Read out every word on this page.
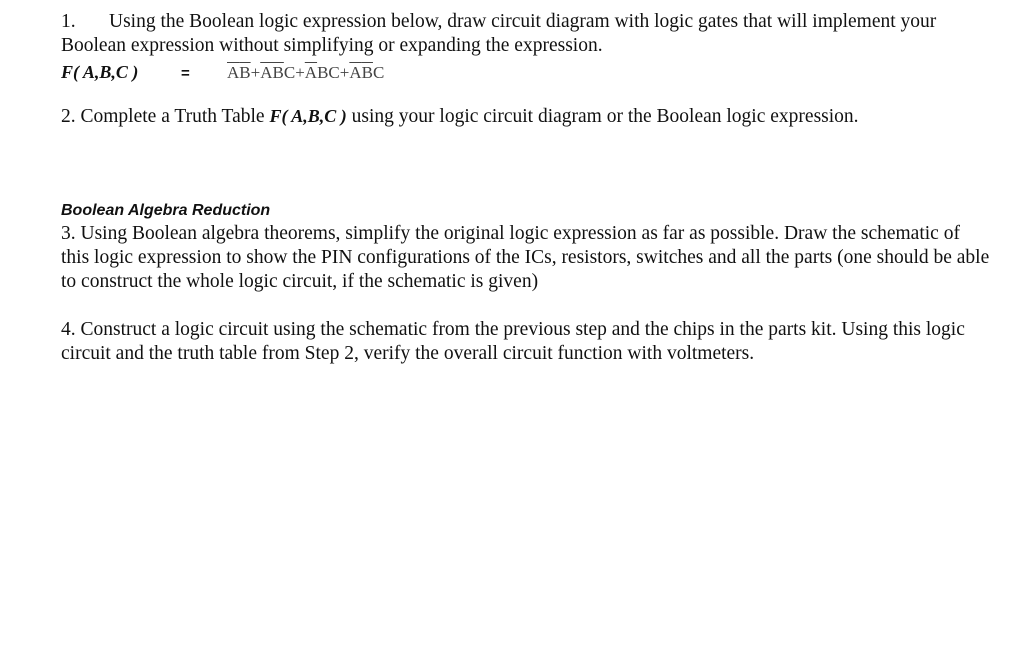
1. Using the Boolean logic expression below, draw circuit diagram with logic gates that will implement your Boolean expression without simplifying or expanding the expression.
F( A,B,C )	= $\overline{A}\overline{B}+\overline{A}\overline{B}C+\overline{A}BC+\overline{A}\overline{B}C$
2. Complete a Truth Table F( A,B,C ) using your logic circuit diagram or the Boolean logic expression.
Boolean Algebra Reduction
3. Using Boolean algebra theorems, simplify the original logic expression as far as possible. Draw the schematic of this logic expression to show the PIN configurations of the ICs, resistors, switches and all the parts (one should be able to construct the whole logic circuit, if the schematic is given)
4. Construct a logic circuit using the schematic from the previous step and the chips in the parts kit. Using this logic circuit and the truth table from Step 2, verify the overall circuit function with voltmeters.
